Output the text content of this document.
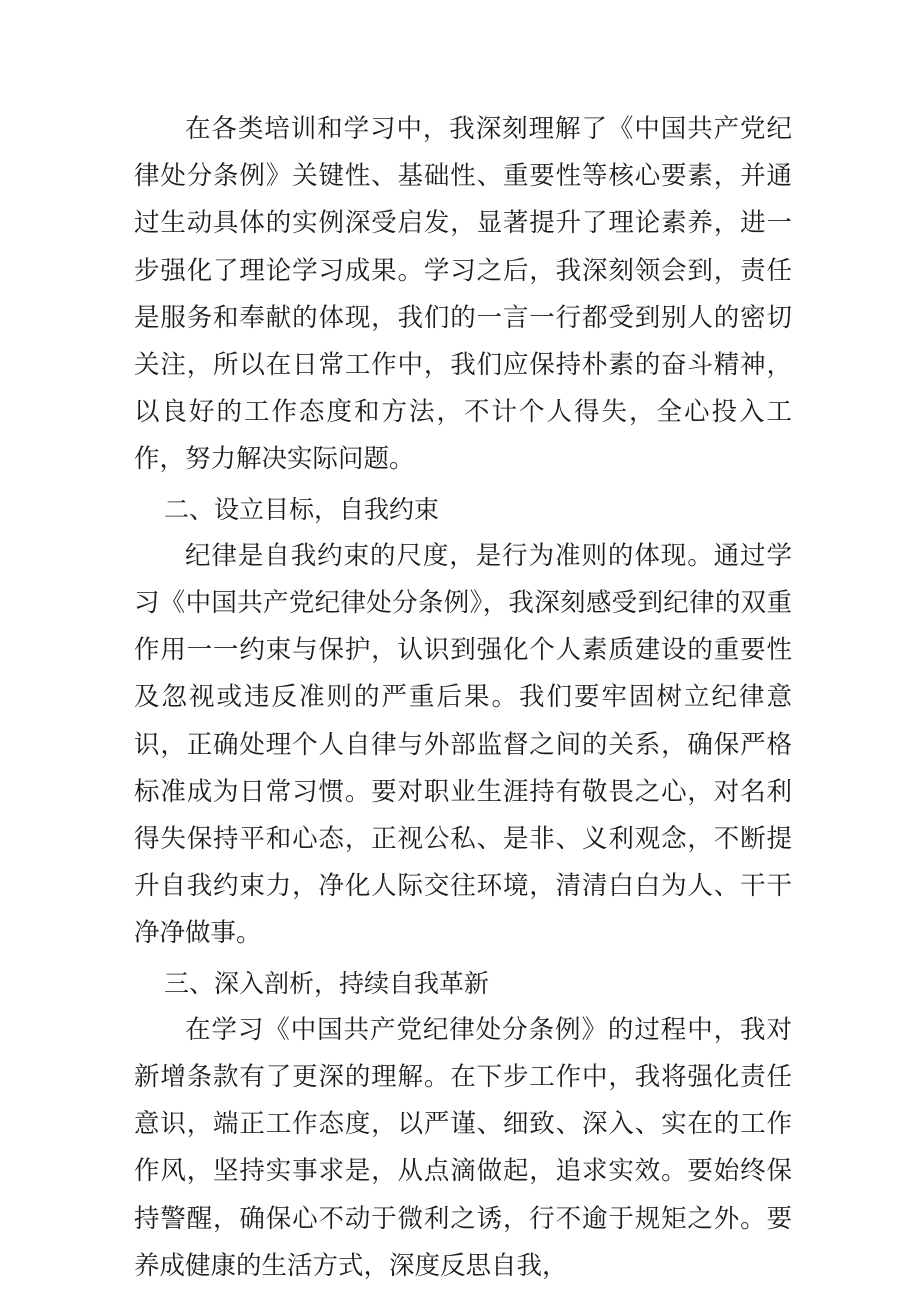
在各类培训和学习中，我深刻理解了《中国共产党纪律处分条例》关键性、基础性、重要性等核心要素，并通过生动具体的实例深受启发，显著提升了理论素养，进一步强化了理论学习成果。学习之后，我深刻领会到，责任是服务和奉献的体现，我们的一言一行都受到别人的密切关注，所以在日常工作中，我们应保持朴素的奋斗精神，以良好的工作态度和方法，不计个人得失，全心投入工作，努力解决实际问题。

二、设立目标，自我约束

纪律是自我约束的尺度，是行为准则的体现。通过学习《中国共产党纪律处分条例》，我深刻感受到纪律的双重作用一一约束与保护，认识到强化个人素质建设的重要性及忽视或违反准则的严重后果。我们要牢固树立纪律意识，正确处理个人自律与外部监督之间的关系，确保严格标准成为日常习惯。要对职业生涯持有敬畏之心，对名利得失保持平和心态，正视公私、是非、义利观念，不断提升自我约束力，净化人际交往环境，清清白白为人、干干净净做事。

三、深入剖析，持续自我革新

在学习《中国共产党纪律处分条例》的过程中，我对新增条款有了更深的理解。在下步工作中，我将强化责任意识，端正工作态度，以严谨、细致、深入、实在的工作作风，坚持实事求是，从点滴做起，追求实效。要始终保持警醒，确保心不动于微利之诱，行不逾于规矩之外。要养成健康的生活方式，深度反思自我，
